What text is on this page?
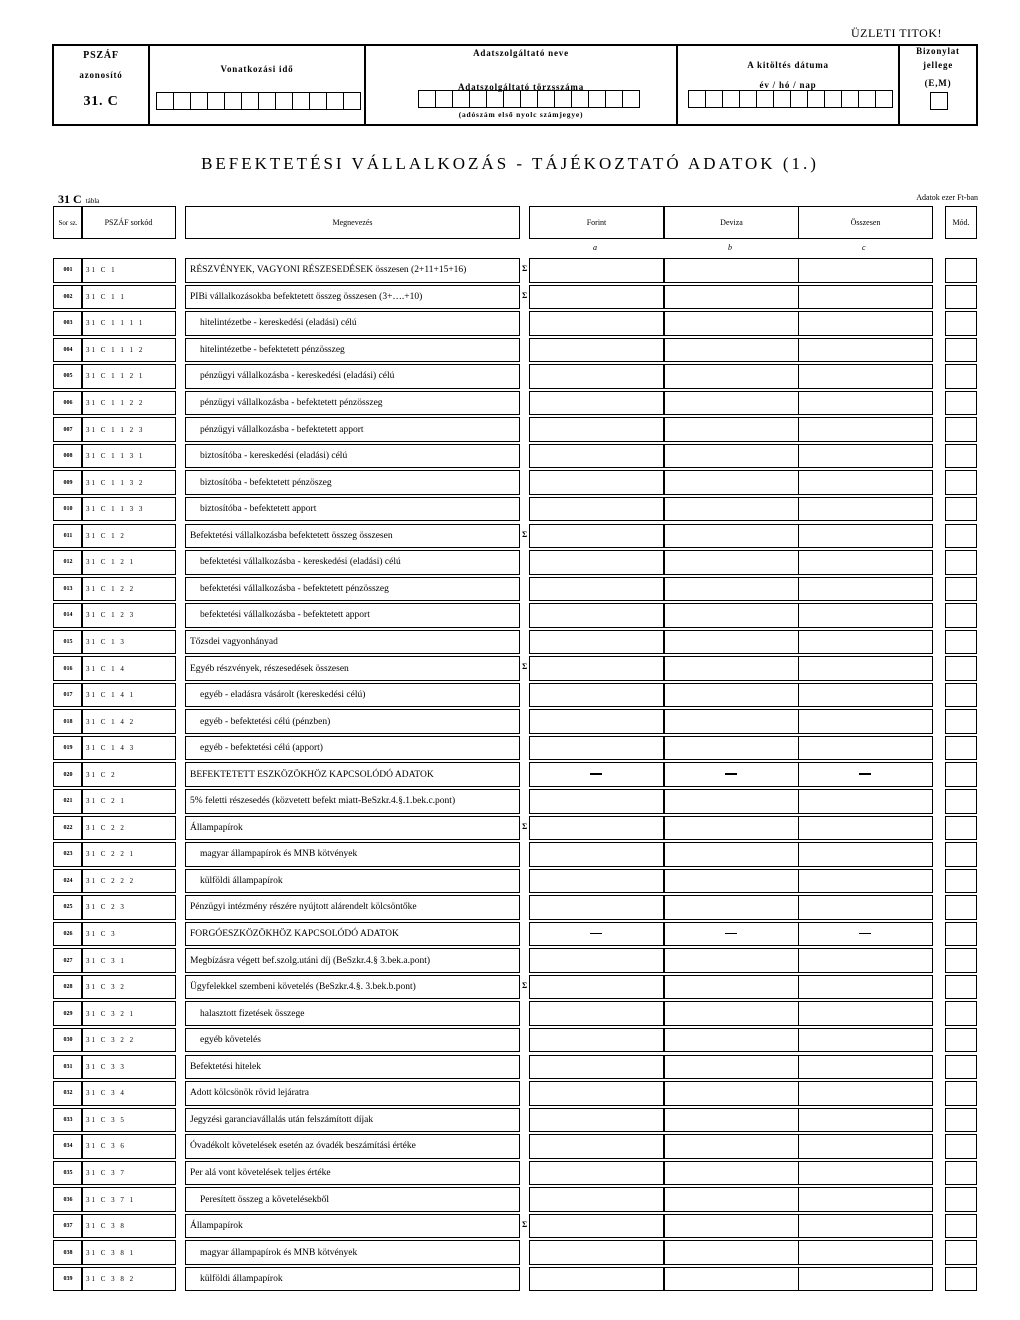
ÜZLETI TITOK!
PSZÁF
azonosító
31. C
Vonatkozási idő
Adatszolgáltató neve
Adatszolgáltató törzsszáma
(adószám első nyolc számjegye)
A kitöltés dátuma
év / hó / nap
Bizonylat
jellege
(E,M)
BEFEKTETÉSI VÁLLALKOZÁS - TÁJÉKOZTATÓ ADATOK (1.)
31 C tábla	Adatok ezer Ft-ban
Sor sz.	PSZÁF sorkód	Megnevezés	Forint	Deviza	Összesen	Mód.
a	b	c
001	31 C 1	RÉSZVÉNYEK, VAGYONI RÉSZESEDÉSEK összesen (2+11+15+16)	Σ
002	31 C 1 1	PIBi vállalkozásokba befektetett összeg összesen (3+….+10)	Σ
003	31 C 1 1 1 1	hitelintézetbe - kereskedési (eladási) célú
004	31 C 1 1 1 2	hitelintézetbe - befektetett pénzösszeg
005	31 C 1 1 2 1	pénzügyi vállalkozásba - kereskedési (eladási) célú
006	31 C 1 1 2 2	pénzügyi vállalkozásba - befektetett pénzösszeg
007	31 C 1 1 2 3	pénzügyi vállalkozásba - befektetett apport
008	31 C 1 1 3 1	biztosítóba - kereskedési (eladási) célú
009	31 C 1 1 3 2	biztosítóba - befektetett pénzöszeg
010	31 C 1 1 3 3	biztosítóba - befektetett apport
011	31 C 1 2	Befektetési vállalkozásba befektetett összeg összesen	Σ
012	31 C 1 2 1	befektetési vállalkozásba - kereskedési (eladási) célú
013	31 C 1 2 2	befektetési vállalkozásba - befektetett pénzösszeg
014	31 C 1 2 3	befektetési vállalkozásba - befektetett apport
015	31 C 1 3	Tőzsdei vagyonhányad
016	31 C 1 4	Egyéb részvények, részesedések összesen	Σ
017	31 C 1 4 1	egyéb - eladásra vásárolt (kereskedési célú)
018	31 C 1 4 2	egyéb - befektetési célú (pénzben)
019	31 C 1 4 3	egyéb - befektetési célú (apport)
020	31 C 2	BEFEKTETETT ESZKÖZÖKHÖZ KAPCSOLÓDÓ ADATOK
021	31 C 2 1	5% feletti részesedés (közvetett befekt miatt-BeSzkr.4.§.1.bek.c.pont)
022	31 C 2 2	Állampapírok	Σ
023	31 C 2 2 1	magyar állampapírok és MNB kötvények
024	31 C 2 2 2	külföldi állampapírok
025	31 C 2 3	Pénzügyi intézmény részére nyújtott alárendelt kölcsöntőke
026	31 C 3	FORGÓESZKÖZÖKHÖZ KAPCSOLÓDÓ ADATOK
027	31 C 3 1	Megbízásra végett bef.szolg.utáni díj (BeSzkr.4.§ 3.bek.a.pont)
028	31 C 3 2	Ügyfelekkel szembeni követelés (BeSzkr.4.§. 3.bek.b.pont)	Σ
029	31 C 3 2 1	halasztott fizetések összege
030	31 C 3 2 2	egyéb követelés
031	31 C 3 3	Befektetési hitelek
032	31 C 3 4	Adott kölcsönök rövid lejáratra
033	31 C 3 5	Jegyzési garanciavállalás után felszámított díjak
034	31 C 3 6	Óvadékolt követelések esetén az óvadék beszámítási értéke
035	31 C 3 7	Per alá vont követelések teljes értéke
036	31 C 3 7 1	Peresített összeg a követelésekből
037	31 C 3 8	Állampapírok	Σ
038	31 C 3 8 1	magyar állampapírok és MNB kötvények
039	31 C 3 8 2	külföldi állampapírok
